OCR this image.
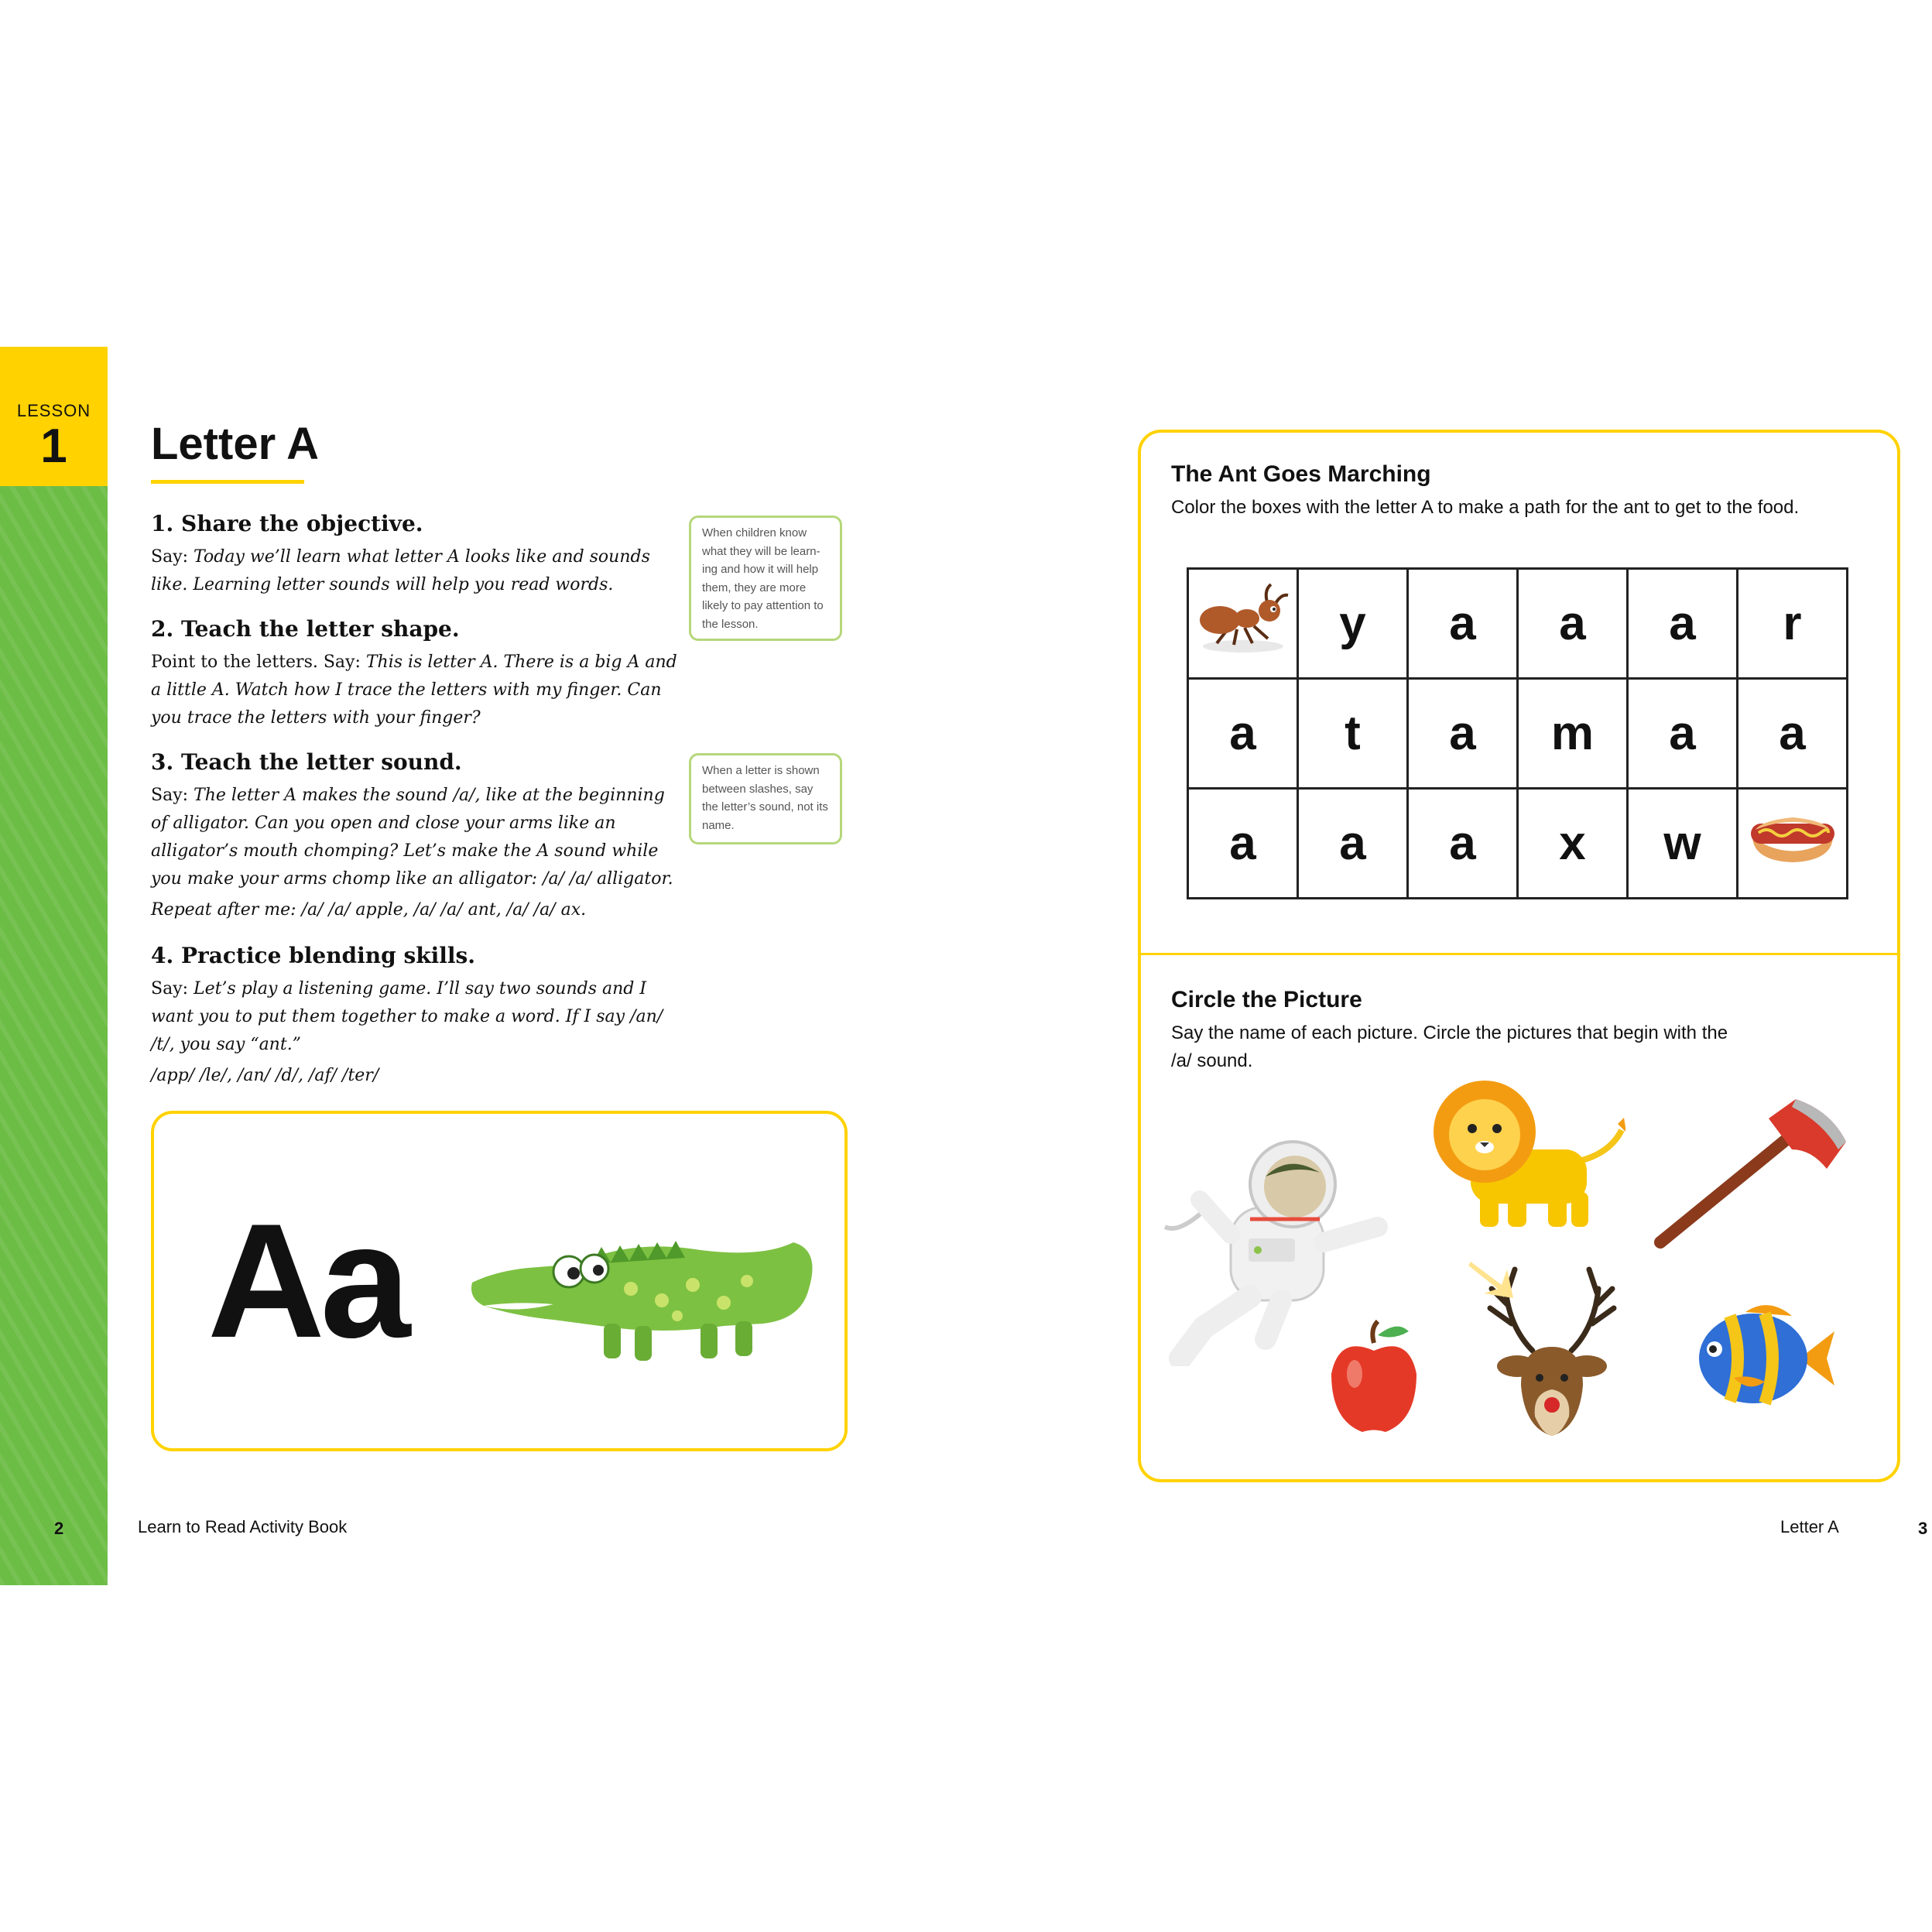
LESSON
1	Letter A
1. Share the objective.
Say: Today we’ll learn what letter A looks like and sounds like. Learning letter sounds will help you read words.
2. Teach the letter shape.
Point to the letters. Say: This is letter A. There is a big A and a little A. Watch how I trace the letters with my finger. Can you trace the letters with your finger?
3. Teach the letter sound.
Say: The letter A makes the sound /a/, like at the beginning of alligator. Can you open and close your arms like an alligator’s mouth chomping? Let’s make the A sound while you make your arms chomp like an alligator: /a/ /a/ alligator.
Repeat after me: /a/ /a/ apple, /a/ /a/ ant, /a/ /a/ ax.
4. Practice blending skills.
Say: Let’s play a listening game. I’ll say two sounds and I want you to put them together to make a word. If I say /an/ /t/, you say “ant.”
/app/ /le/, /an/ /d/, /af/ /ter/
When children know what they will be learn-ing and how it will help them, they are more likely to pay attention to the lesson.
When a letter is shown between slashes, say the letter’s sound, not its name.
Aa
2	Learn to Read Activity Book
The Ant Goes Marching
Color the boxes with the letter A to make a path for the ant to get to the food.
	y	a	a	a	r
a	t	a	m	a	a
a	a	a	x	w	
Circle the Picture
Say the name of each picture. Circle the pictures that begin with the
/a/ sound.
Letter A	3
